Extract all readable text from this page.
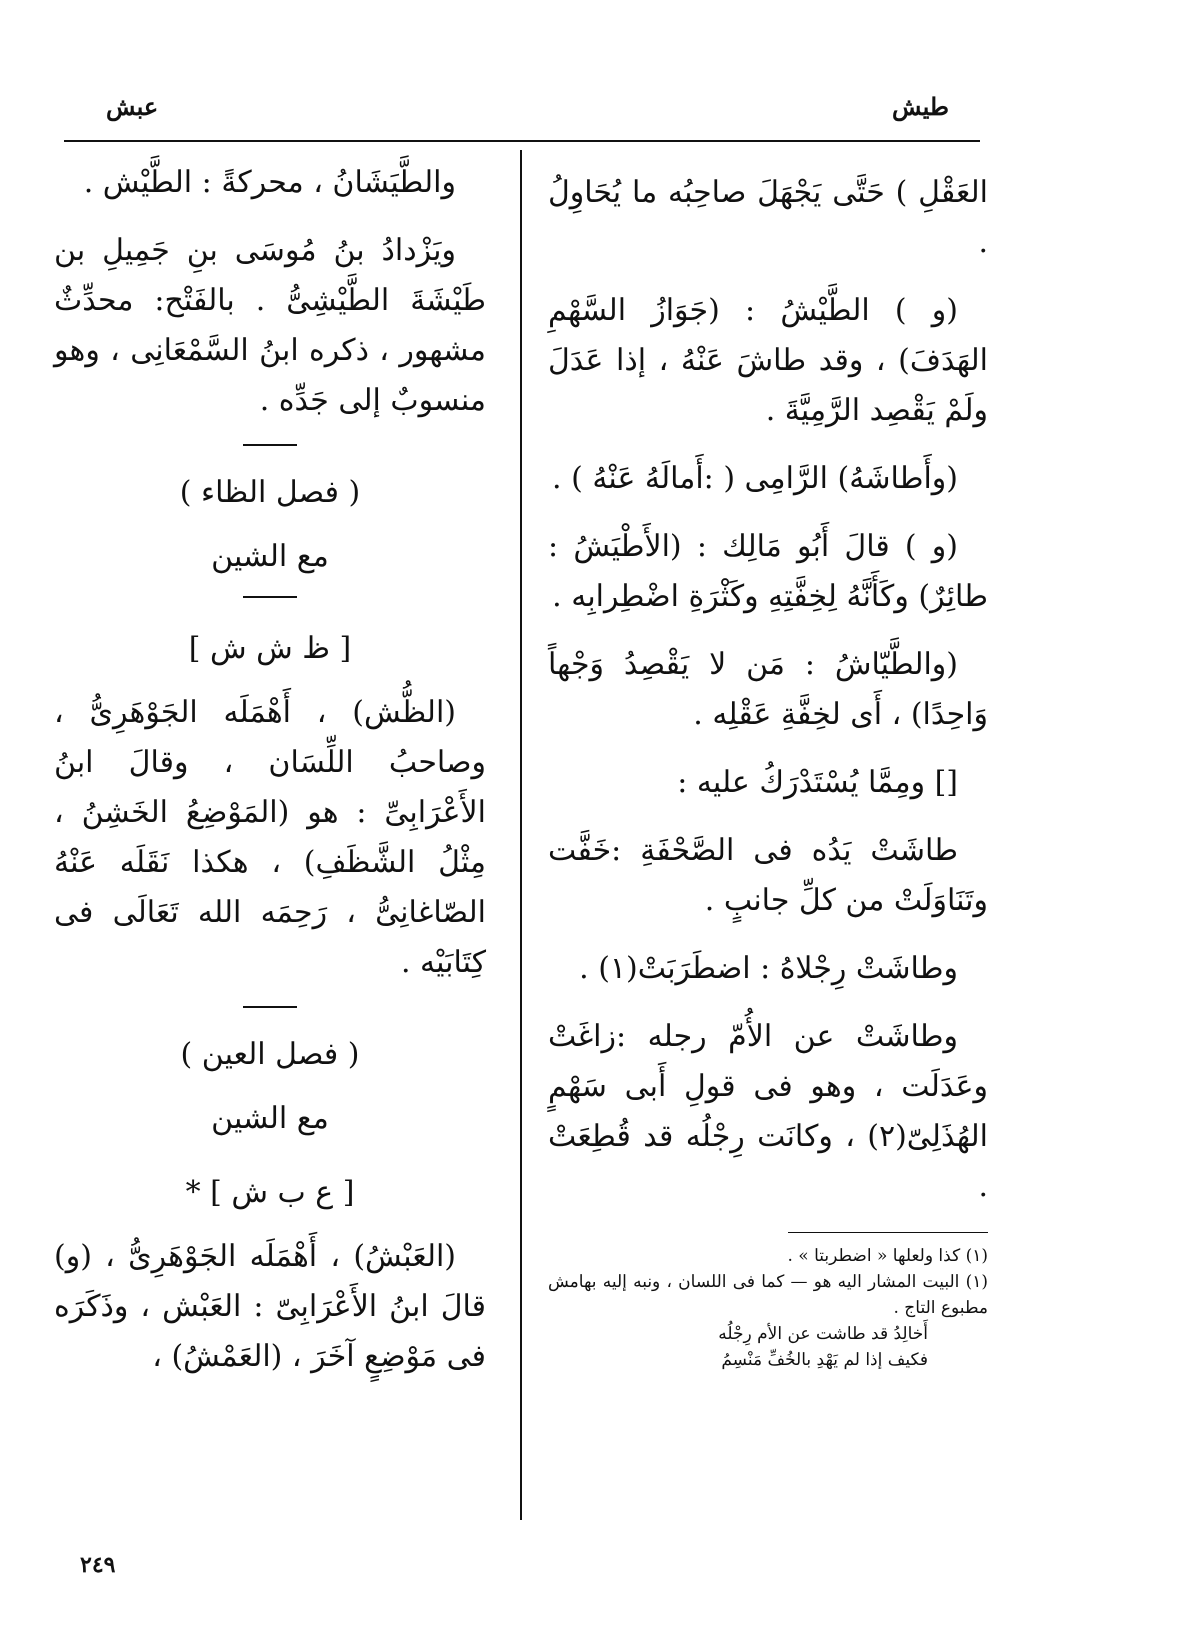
طيش
عبش

العَقْلِ ) حَتَّى يَجْهَلَ صاحِبُه ما يُحَاوِلُ .

(و ) الطَّيْشُ : (جَوَازُ السَّهْمِ الهَدَفَ) ، وقد طاشَ عَنْهُ ، إذا عَدَلَ ولَمْ يَقْصِد الرَّمِيَّةَ .

(وأَطاشَهُ) الرَّامِى ( :أَمالَهُ عَنْهُ ) .

(و ) قالَ أَبُو مَالِك : (الأَطْيَشُ : طائِرٌ) وكَأَنَّهُ لِخِفَّتِهِ وكَثْرَةِ اضْطِرابِه .

(والطَّيّاشُ : مَن لا يَقْصِدُ وَجْهاً وَاحِدًا) ، أَى لخِفَّةِ عَقْلِه .

[] ومِمَّا يُسْتَدْرَكُ عليه :

طاشَتْ يَدُه فى الصَّحْفَةِ :خَفَّت وتَنَاوَلَتْ من كلِّ جانبٍ .

وطاشَتْ رِجْلاهُ : اضطَرَبَتْ(١) .

وطاشَتْ عن الأُمّ رجله :زاغَتْ وعَدَلَت ، وهو فى قولِ أَبى سَهْمٍ الهُذَلِىّ(٢) ، وكانَت رِجْلُه قد قُطِعَتْ .

(١) كذا ولعلها « اضطربتا » .
(١) البيت المشار اليه هو — كما فى اللسان ، ونبه إليه بهامش مطبوع التاج .
أَخالِدُ قد طاشت عن الأم رِجْلُه
فكيف إذا لم يَهْدِ بالخُفِّ مَنْسِمُ

والطَّيَشَانُ ، محركةً : الطَّيْش .

ويَزْدادُ بنُ مُوسَى بنِ جَمِيلِ بن طَيْشَةَ الطَّيْشِىُّ . بالفَتْح: محدِّثٌ مشهور ، ذكره ابنُ السَّمْعَانِى ، وهو منسوبٌ إلى جَدِّه .

( فصل الظاء )
مع الشين
[ ظ ش ش ]

(الظُّش) ، أَهْمَلَه الجَوْهَرِىُّ ، وصاحبُ اللِّسَان ، وقالَ ابنُ الأَعْرَابِىِّ : هو (المَوْضِعُ الخَشِنُ ، مِثْلُ الشَّظَفِ) ، هكذا نَقَلَه عَنْهُ الصّاغانِىُّ ، رَحِمَه الله تَعَالَى فى كِتَابَيْه .

( فصل العين )
مع الشين
[ ع ب ش ] *

(العَبْشُ) ، أَهْمَلَه الجَوْهَرِىُّ ، (و) قالَ ابنُ الأَعْرَابِىّ : العَبْش ، وذَكَرَه فى مَوْضِعٍ آخَرَ ، (العَمْشُ) ،

٢٤٩
